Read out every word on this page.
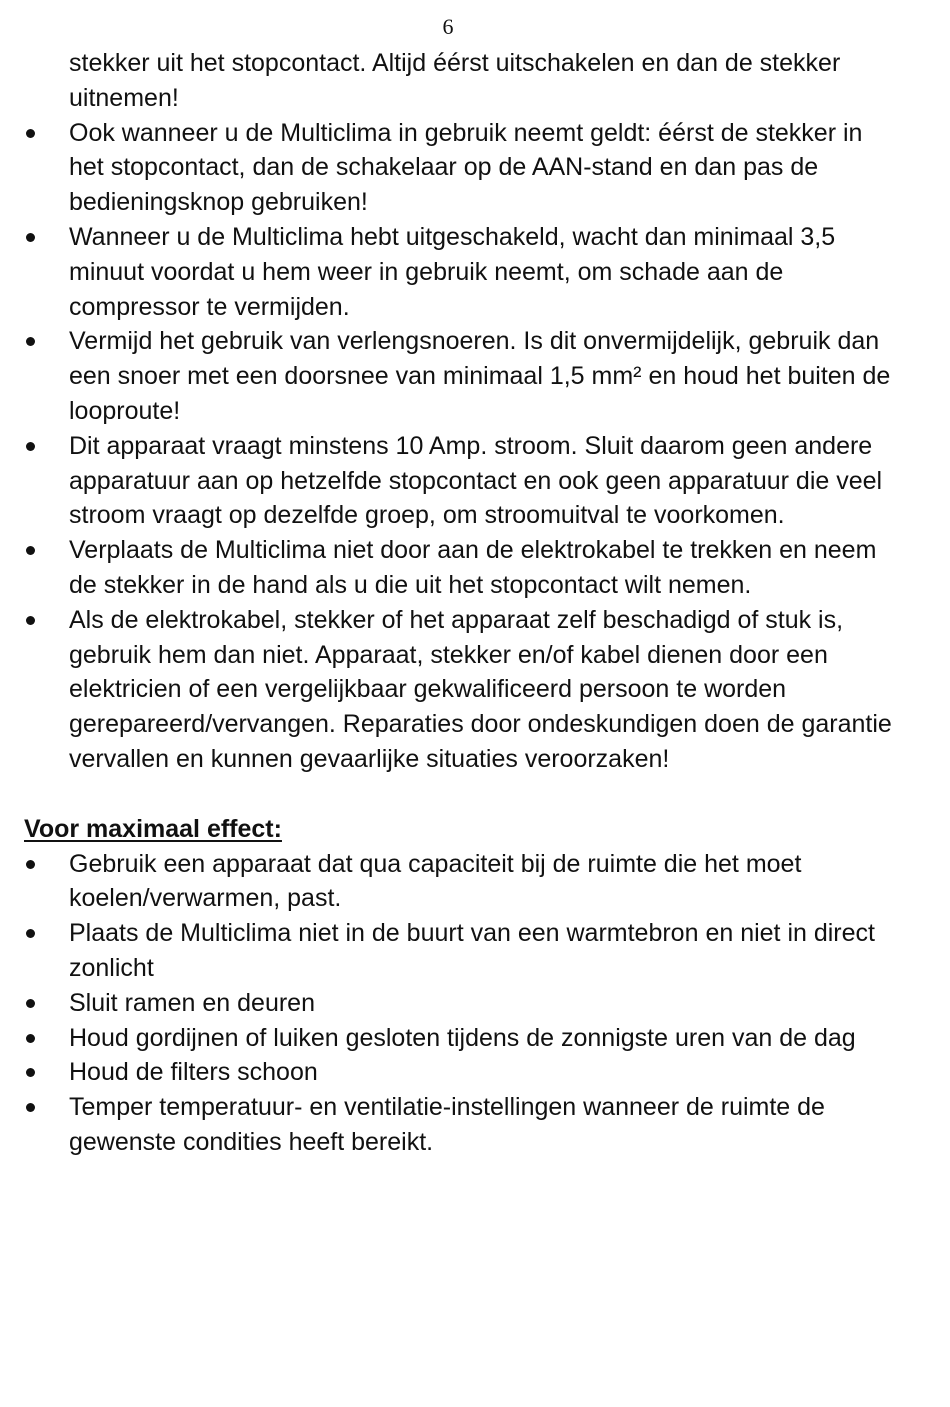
6
stekker uit het stopcontact. Altijd éérst uitschakelen en dan de stekker uitnemen!
Ook wanneer u de Multiclima in gebruik neemt geldt: éérst de stekker in het stopcontact, dan de schakelaar op de AAN-stand en dan pas de bedieningsknop gebruiken!
Wanneer u de Multiclima hebt uitgeschakeld, wacht dan minimaal 3,5 minuut voordat u hem weer in gebruik neemt, om schade aan de compressor te vermijden.
Vermijd het gebruik van verlengsnoeren. Is dit onvermijdelijk, gebruik dan een snoer met een doorsnee van minimaal 1,5 mm² en houd het buiten de looproute!
Dit apparaat vraagt minstens 10 Amp. stroom. Sluit daarom geen andere apparatuur aan op hetzelfde stopcontact en ook geen apparatuur die veel stroom vraagt op dezelfde groep, om stroomuitval te voorkomen.
Verplaats de Multiclima niet door aan de elektrokabel te trekken en neem de stekker in de hand als u die uit het stopcontact wilt nemen.
Als de elektrokabel, stekker of het apparaat zelf beschadigd of stuk is, gebruik hem dan niet. Apparaat, stekker en/of kabel dienen door een elektricien of een vergelijkbaar gekwalificeerd persoon te worden gerepareerd/vervangen. Reparaties door ondeskundigen doen de garantie vervallen en kunnen gevaarlijke situaties veroorzaken!
Voor maximaal effect:
Gebruik een apparaat dat qua capaciteit bij de ruimte die het moet koelen/verwarmen, past.
Plaats de Multiclima niet in de buurt van een warmtebron en niet in direct zonlicht
Sluit ramen en deuren
Houd gordijnen of luiken gesloten tijdens de zonnigste uren van de dag
Houd de filters schoon
Temper temperatuur- en ventilatie-instellingen wanneer de ruimte de gewenste condities heeft bereikt.
